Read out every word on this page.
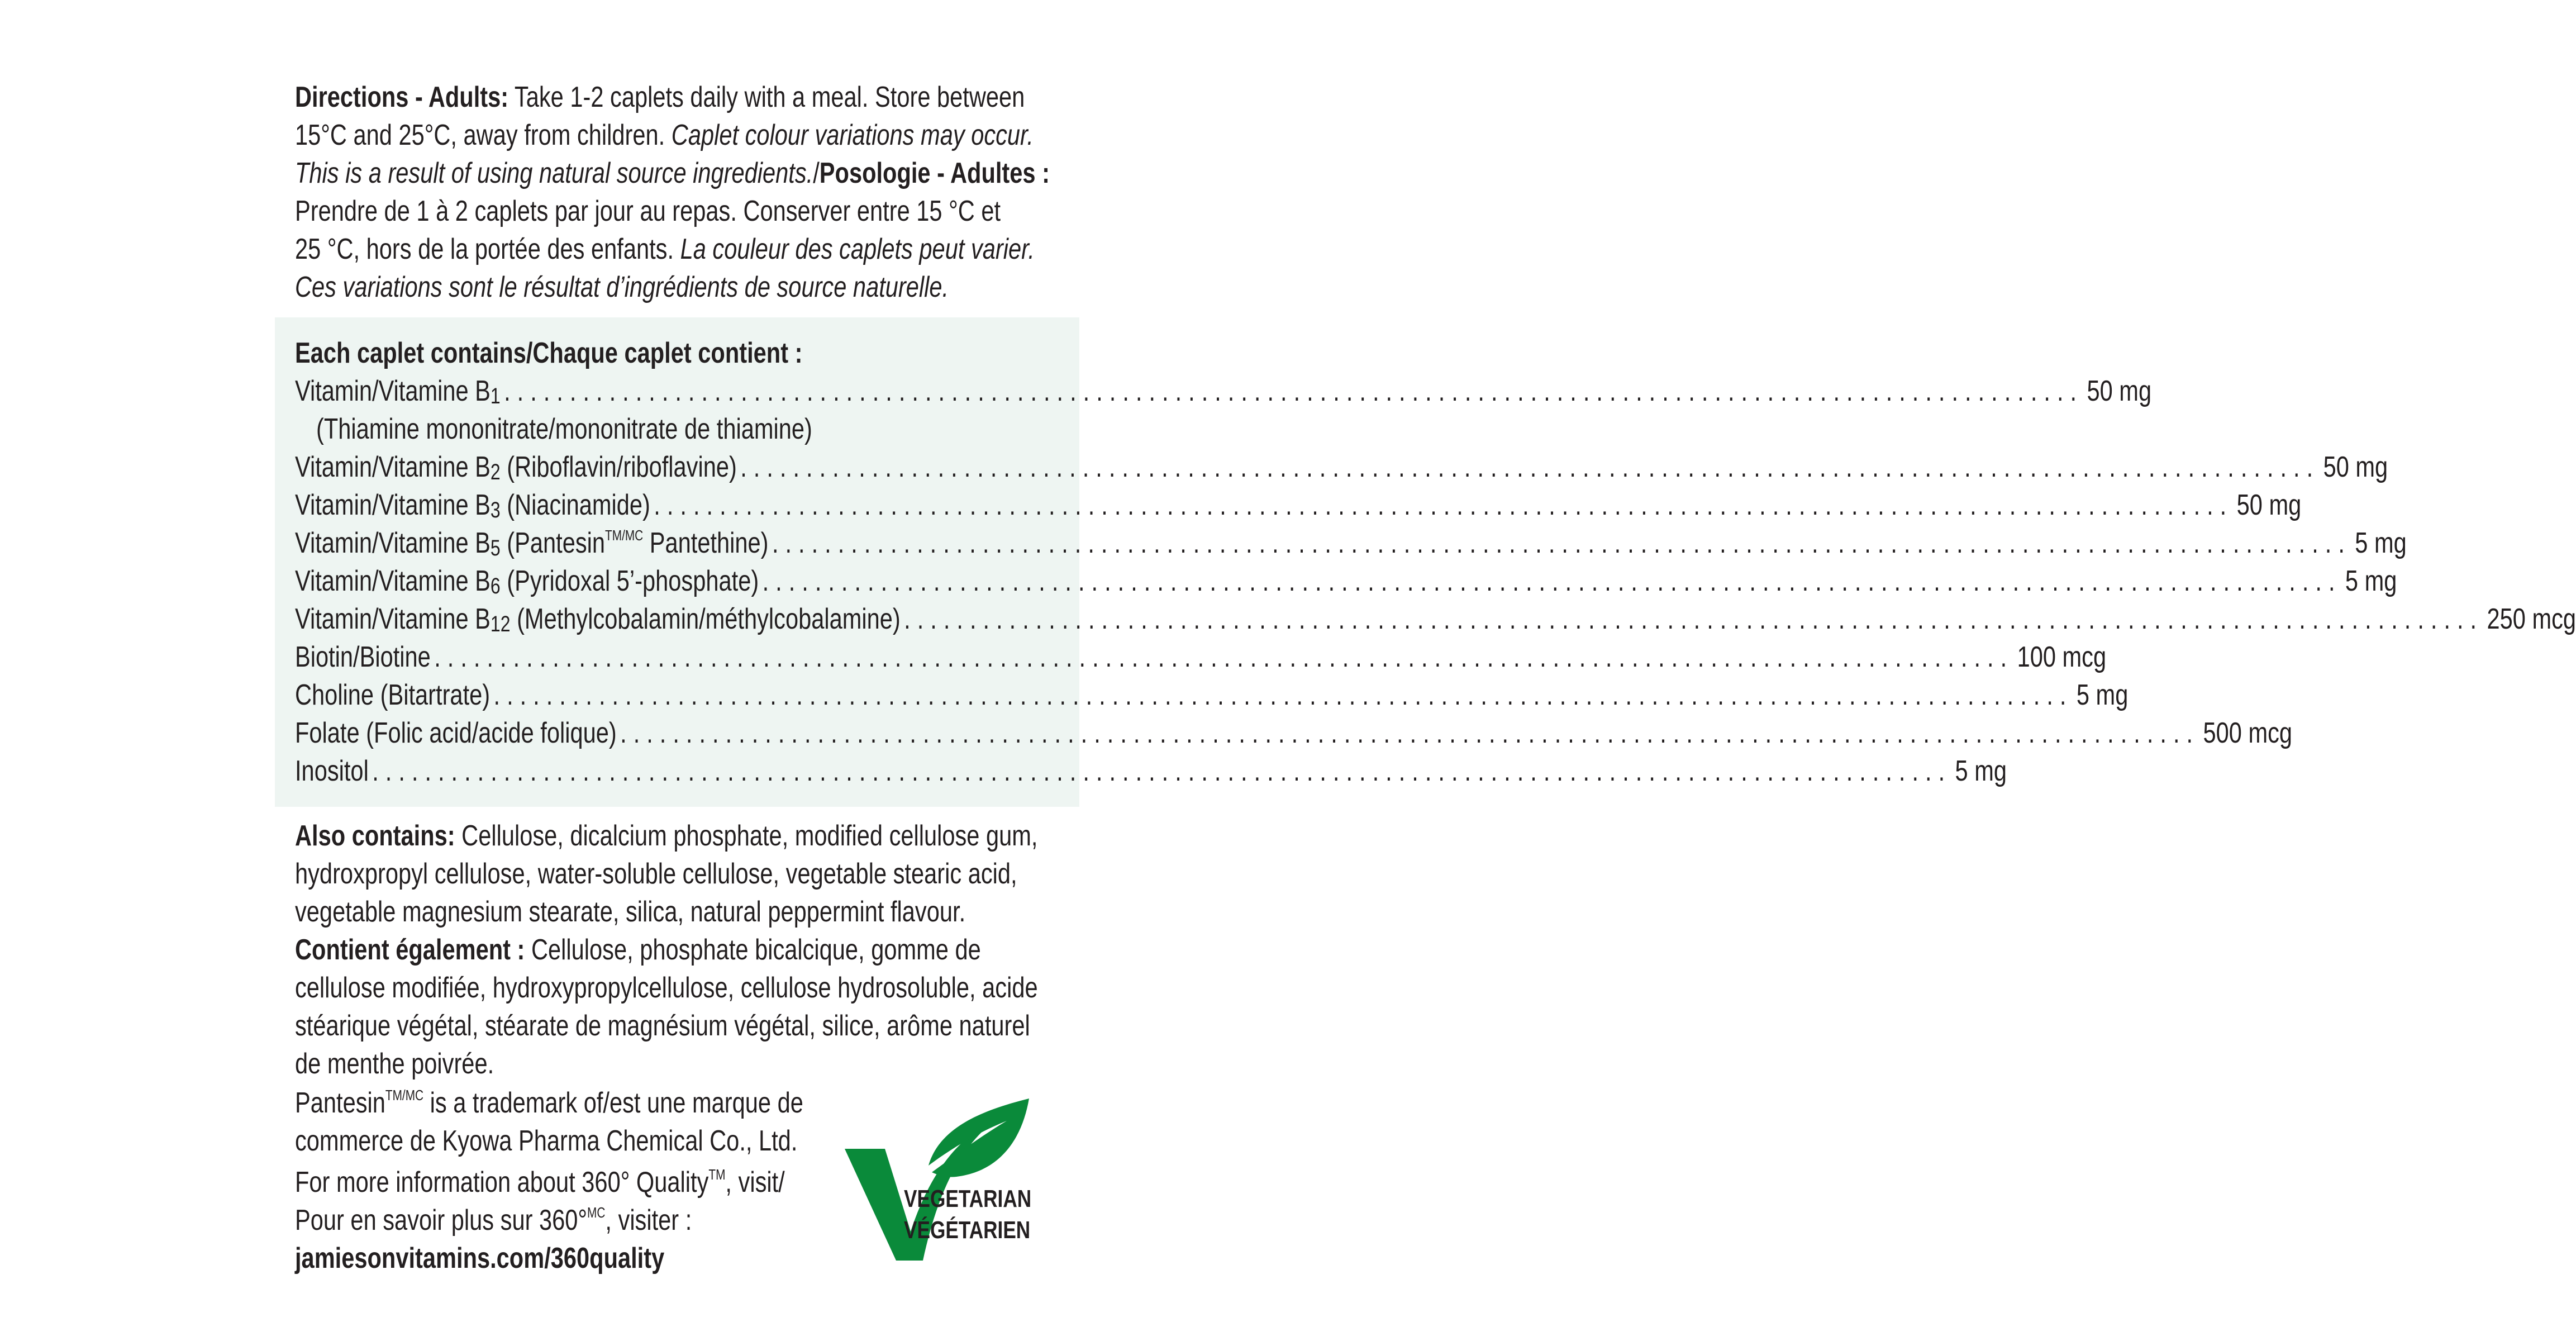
Directions - Adults: Take 1-2 caplets daily with a meal. Store between
15°C and 25°C, away from children. Caplet colour variations may occur.
This is a result of using natural source ingredients./Posologie - Adultes :
Prendre de 1 à 2 caplets par jour au repas. Conserver entre 15 °C et
25 °C, hors de la portée des enfants. La couleur des caplets peut varier.
Ces variations sont le résultat d’ingrédients de source naturelle.
Each caplet contains/Chaque caplet contient :
Vitamin/Vitamine B1 ........................................................................................................................ 50 mg
Vitamin/Vitamine B2 (Riboflavin/riboflavine) ........................................................................................................................ 50 mg
Vitamin/Vitamine B3 (Niacinamide) ........................................................................................................................ 50 mg
Vitamin/Vitamine B5 (Pantesin$^{TM/MC}$ Pantethine) ........................................................................................................................ 5 mg
Vitamin/Vitamine B6 (Pyridoxal 5’-phosphate) ........................................................................................................................ 5 mg
Vitamin/Vitamine B12 (Methylcobalamin/méthylcobalamine) ........................................................................................................................ 250 mcg
Biotin/Biotine ........................................................................................................................ 100 mcg
Choline (Bitartrate) ........................................................................................................................ 5 mg
Folate (Folic acid/acide folique) ........................................................................................................................ 500 mcg
Inositol ........................................................................................................................ 5 mg
(Thiamine mononitrate/mononitrate de thiamine)
Also contains: Cellulose, dicalcium phosphate, modified cellulose gum,
hydroxpropyl cellulose, water-soluble cellulose, vegetable stearic acid,
vegetable magnesium stearate, silica, natural peppermint flavour.
Contient également : Cellulose, phosphate bicalcique, gomme de
cellulose modifiée, hydroxypropylcellulose, cellulose hydrosoluble, acide
stéarique végétal, stéarate de magnésium végétal, silice, arôme naturel
de menthe poivrée.
Pantesin$^{TM/MC}$ is a trademark of/est une marque de
commerce de Kyowa Pharma Chemical Co., Ltd.
For more information about 360° Quality™, visit/
Pour en savoir plus sur 360°$^{MC}$, visiter :
jamiesonvitamins.com/360quality
VEGETARIAN
VÉGÉTARIEN
